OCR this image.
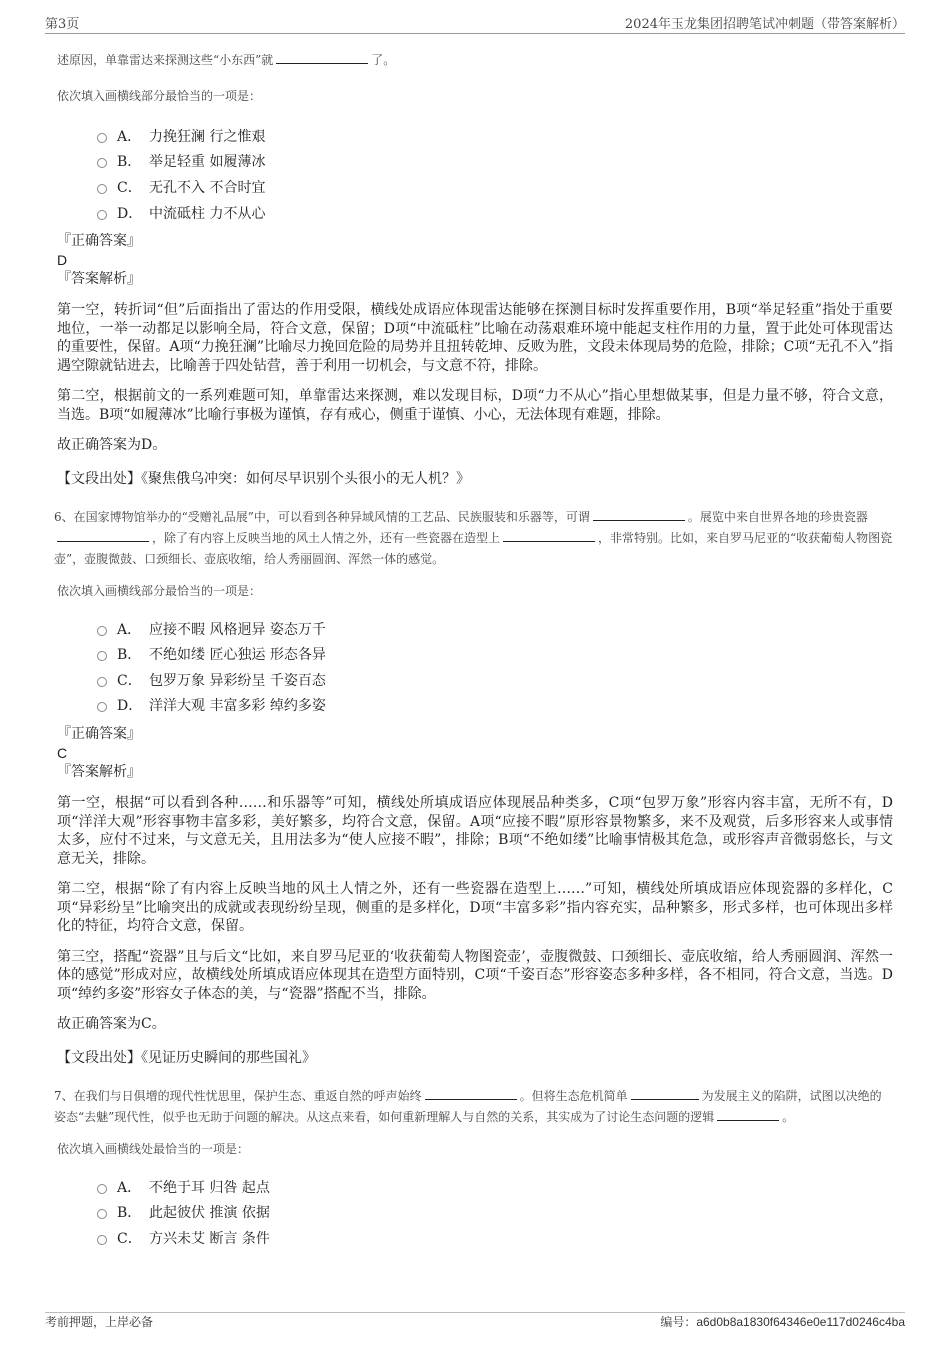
第3页	2024年玉龙集团招聘笔试冲刺题（带答案解析）

述原因，单靠雷达来探测这些“小东西”就	了。

依次填入画横线部分最恰当的一项是：

A． 力挽狂澜 行之惟艰
B． 举足轻重 如履薄冰
C． 无孔不入 不合时宜
D． 中流砥柱 力不从心
『正确答案』
D
『答案解析』

第一空，转折词“但”后面指出了雷达的作用受限，横线处成语应体现雷达能够在探测目标时发挥重要作用，B项“举足轻重”指处于重要地位，一举一动都足以影响全局，符合文意，保留；D项“中流砥柱”比喻在动荡艰难环境中能起支柱作用的力量，置于此处可体现雷达的重要性，保留。A项“力挽狂澜”比喻尽力挽回危险的局势并且扭转乾坤、反败为胜，文段未体现局势的危险，排除；C项“无孔不入”指遇空隙就钻进去，比喻善于四处钻营，善于利用一切机会，与文意不符，排除。

第二空，根据前文的一系列难题可知，单靠雷达来探测，难以发现目标，D项“力不从心”指心里想做某事，但是力量不够，符合文意，当选。B项“如履薄冰”比喻行事极为谨慎，存有戒心，侧重于谨慎、小心，无法体现有难题，排除。

故正确答案为D。

【文段出处】《聚焦俄乌冲突：如何尽早识别个头很小的无人机？》

6、在国家博物馆举办的“受赠礼品展”中，可以看到各种异域风情的工艺品、民族服装和乐器等，可谓	。展览中来自世界各地的珍贵瓷器，除了有内容上反映当地的风土人情之外，还有一些瓷器在造型上	，非常特别。比如，来自罗马尼亚的“收获葡萄人物图瓷壶”，壶腹微鼓、口颈细长、壶底收缩，给人秀丽圆润、浑然一体的感觉。

依次填入画横线部分最恰当的一项是：

A． 应接不暇 风格迥异 姿态万千
B． 不绝如缕 匠心独运 形态各异
C． 包罗万象 异彩纷呈 千姿百态
D． 洋洋大观 丰富多彩 绰约多姿
『正确答案』
C
『答案解析』

第一空，根据“可以看到各种……和乐器等”可知，横线处所填成语应体现展品种类多，C项“包罗万象”形容内容丰富，无所不有，D项“洋洋大观”形容事物丰富多彩，美好繁多，均符合文意，保留。A项“应接不暇”原形容景物繁多，来不及观赏，后多形容来人或事情太多，应付不过来，与文意无关，且用法多为“使人应接不暇”，排除；B项“不绝如缕”比喻事情极其危急，或形容声音微弱悠长，与文意无关，排除。

第二空，根据“除了有内容上反映当地的风土人情之外，还有一些瓷器在造型上……”可知，横线处所填成语应体现瓷器的多样化，C项“异彩纷呈”比喻突出的成就或表现纷纷呈现，侧重的是多样化，D项“丰富多彩”指内容充实，品种繁多，形式多样，也可体现出多样化的特征，均符合文意，保留。

第三空，搭配“瓷器”且与后文“比如，来自罗马尼亚的‘收获葡萄人物图瓷壶’，壶腹微鼓、口颈细长、壶底收缩，给人秀丽圆润、浑然一体的感觉”形成对应，故横线处所填成语应体现其在造型方面特别，C项“千姿百态”形容姿态多种多样，各不相同，符合文意，当选。D项“绰约多姿”形容女子体态的美，与“瓷器”搭配不当，排除。

故正确答案为C。

【文段出处】《见证历史瞬间的那些国礼》

7、在我们与日俱增的现代性忧思里，保护生态、重返自然的呼声始终	。但将生态危机简单	为发展主义的陷阱，试图以决绝的姿态“去魅”现代性，似乎也无助于问题的解决。从这点来看，如何重新理解人与自然的关系，其实成为了讨论生态问题的逻辑	。

依次填入画横线处最恰当的一项是：

A． 不绝于耳 归咎 起点
B． 此起彼伏 推演 依据
C． 方兴未艾 断言 条件
考前押题，上岸必备	编号：a6d0b8a1830f64346e0e117d0246c4ba
